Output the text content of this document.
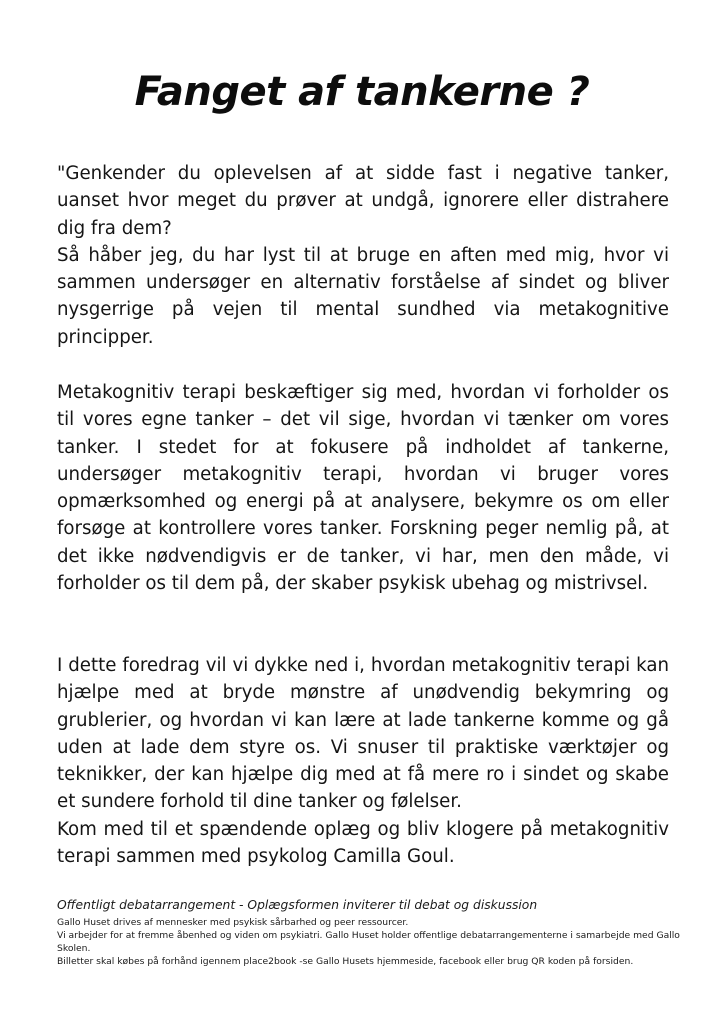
Fanget af tankerne ?

"Genkender du oplevelsen af at sidde fast i negative tanker, uanset hvor meget du prøver at undgå, ignorere eller distrahere dig fra dem?

Så håber jeg, du har lyst til at bruge en aften med mig, hvor vi sammen undersøger en alternativ forståelse af sindet og bliver nysgerrige på vejen til mental sundhed via metakognitive principper.

Metakognitiv terapi beskæftiger sig med, hvordan vi forholder os til vores egne tanker – det vil sige, hvordan vi tænker om vores tanker. I stedet for at fokusere på indholdet af tankerne, undersøger metakognitiv terapi, hvordan vi bruger vores opmærksomhed og energi på at analysere, bekymre os om eller forsøge at kontrollere vores tanker. Forskning peger nemlig på, at det ikke nødvendigvis er de tanker, vi har, men den måde, vi forholder os til dem på, der skaber psykisk ubehag og mistrivsel.

I dette foredrag vil vi dykke ned i, hvordan metakognitiv terapi kan hjælpe med at bryde mønstre af unødvendig bekymring og grublerier, og hvordan vi kan lære at lade tankerne komme og gå uden at lade dem styre os. Vi snuser til praktiske værktøjer og teknikker, der kan hjælpe dig med at få mere ro i sindet og skabe et sundere forhold til dine tanker og følelser.

Kom med til et spændende oplæg og bliv klogere på metakognitiv terapi sammen med psykolog Camilla Goul.

Offentligt debatarrangement - Oplægsformen inviterer til debat og diskussion

Gallo Huset drives af mennesker med psykisk sårbarhed og peer ressourcer.

Vi arbejder for at fremme åbenhed og viden om psykiatri. Gallo Huset holder offentlige debatarrangementerne i samarbejde med Gallo Skolen.

Billetter skal købes på forhånd igennem place2book -se Gallo Husets hjemmeside, facebook eller brug QR koden på forsiden.
